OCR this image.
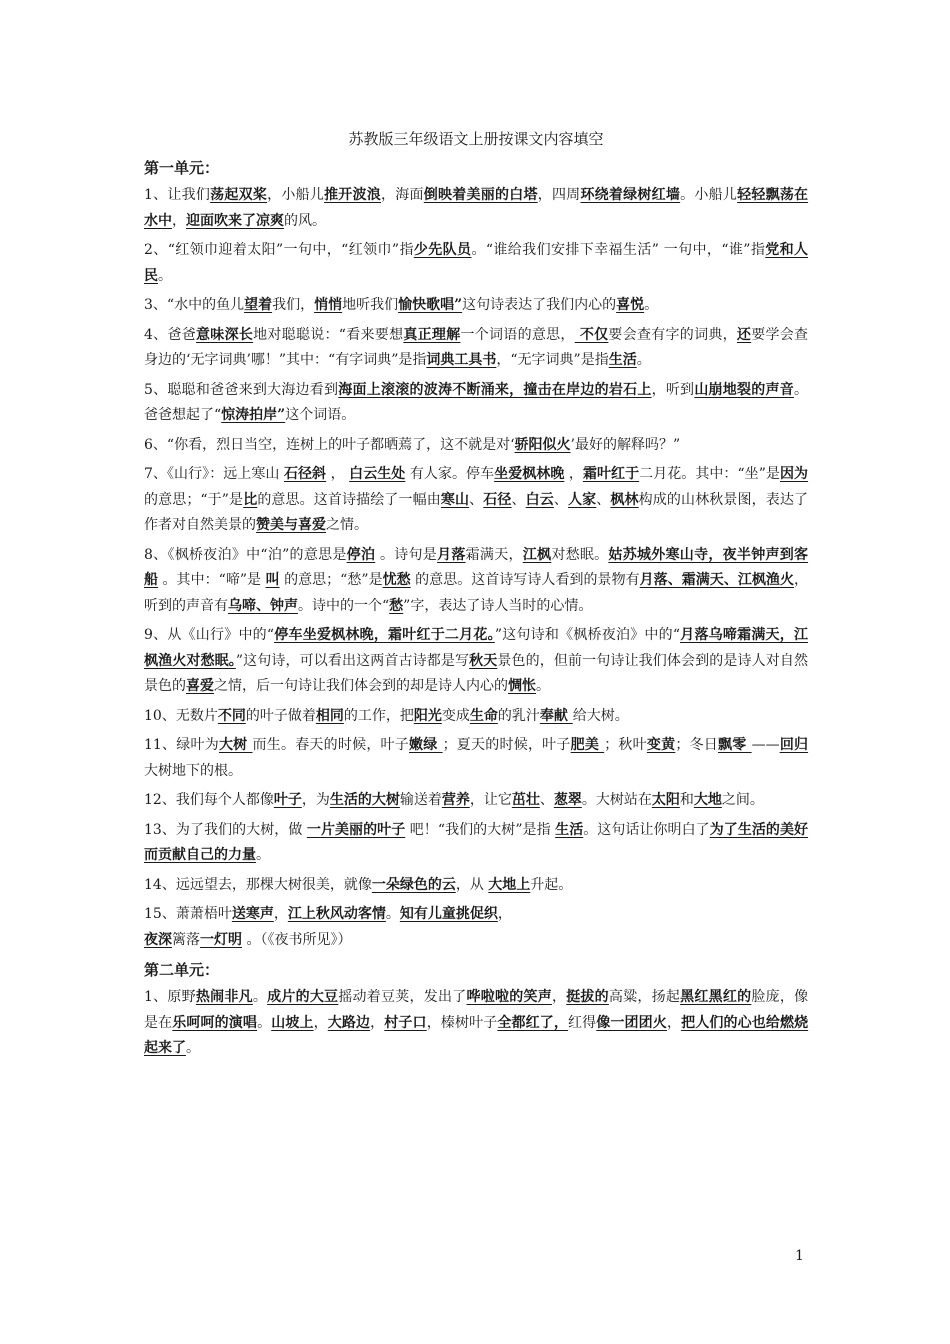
苏教版三年级语文上册按课文内容填空
第一单元：
1、让我们荡起双桨，小船儿推开波浪，海面倒映着美丽的白塔，四周环绕着绿树红墙。小船儿轻轻飘荡在水中，迎面吹来了凉爽的风。
2、“红领巾迎着太阳”一句中，“红领巾”指少先队员。“谁给我们安排下幸福生活” 一句中，“谁”指党和人民。
3、“水中的鱼儿望着我们，悄悄地听我们愉快歌唱”这句诗表达了我们内心的喜悦。
4、爸爸意味深长地对聪聪说：“看来要想真正理解一个词语的意思， 不仅要会查有字的词典，还要学会查身边的‘无字词典’哪！”其中：“有字词典”是指词典工具书，“无字词典”是指生活。
5、聪聪和爸爸来到大海边看到海面上滚滚的波涛不断涌来，撞击在岸边的岩石上，听到山崩地裂的声音。爸爸想起了“惊涛拍岸”这个词语。
6、“你看，烈日当空，连树上的叶子都晒蔫了，这不就是对‘骄阳似火’最好的解释吗？”
7、《山行》：远上寒山 石径斜 ， 白云生处 有人家。停车坐爱枫林晚 ，霜叶红于二月花。其中：“坐”是因为的意思；“于”是比的意思。这首诗描绘了一幅由寒山、石径、白云、人家、枫林构成的山林秋景图，表达了作者对自然美景的赞美与喜爱之情。
8、《枫桥夜泊》中“泊”的意思是停泊 。诗句是月落霜满天，江枫对愁眠。姑苏城外寒山寺，夜半钟声到客船 。其中：“啼”是 叫 的意思；“愁”是忧愁 的意思。这首诗写诗人看到的景物有月落、霜满天、江枫渔火，听到的声音有乌啼、钟声。诗中的一个“愁”字，表达了诗人当时的心情。
9、从《山行》中的“停车坐爱枫林晚，霜叶红于二月花。”这句诗和《枫桥夜泊》中的“月落乌啼霜满天，江枫渔火对愁眠。”这句诗，可以看出这两首古诗都是写秋天景色的，但前一句诗让我们体会到的是诗人对自然景色的喜爱之情，后一句诗让我们体会到的却是诗人内心的惆怅。
10、无数片不同的叶子做着相同的工作，把阳光变成生命的乳汁奉献 给大树。
11、绿叶为大树 而生。春天的时候，叶子嫩绿 ；夏天的时候，叶子肥美 ；秋叶变黄；冬日飘零 ——回归大树地下的根。
12、我们每个人都像叶子，为生活的大树输送着营养，让它茁壮、葱翠。大树站在太阳和大地之间。
13、为了我们的大树，做 一片美丽的叶子 吧！“我们的大树”是指 生活。这句话让你明白了为了生活的美好而贡献自己的力量。
14、远远望去，那棵大树很美，就像一朵绿色的云，从 大地上升起。
15、萧萧梧叶送寒声，江上秋风动客情。知有儿童挑促织，
夜深篱落一灯明 。（《夜书所见》）
第二单元：
1、原野热闹非凡。成片的大豆摇动着豆荚，发出了哗啦啦的笑声，挺拔的高粱，扬起黑红黑红的脸庞，像是在乐呵呵的演唱。山坡上，大路边，村子口，榛树叶子全都红了，红得像一团团火，把人们的心也给燃烧起来了。
1
